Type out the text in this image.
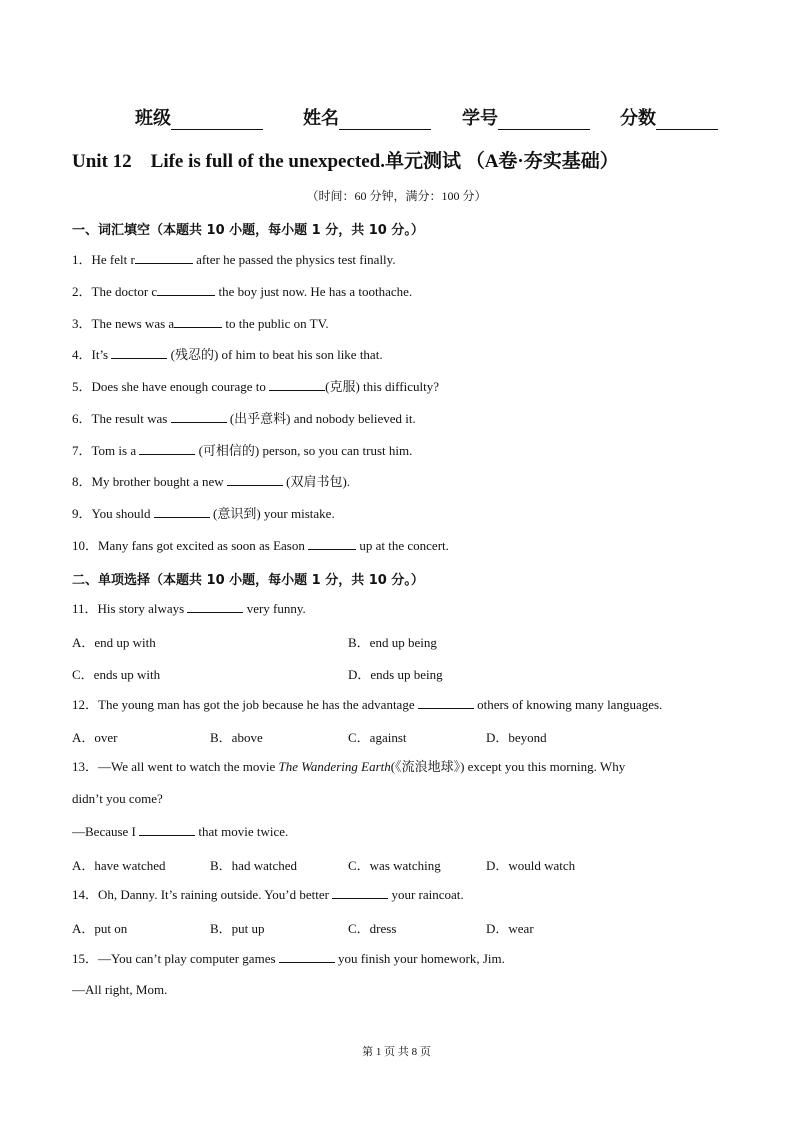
班级	姓名	学号	分数
Unit 12　Life is full of the unexpected.单元测试 （A卷·夯实基础）
（时间：60 分钟，满分：100 分）
一、词汇填空（本题共 10 小题，每小题 1 分，共 10 分。）
1．He felt r	after he passed the physics test finally.
2．The doctor c	the boy just now. He has a toothache.
3．The news was a	to the public on TV.
4．It’s	(残忍的) of him to beat his son like that.
5．Does she have enough courage to	(克服) this difficulty?
6．The result was	(出乎意料) and nobody believed it.
7．Tom is a	(可相信的) person, so you can trust him.
8．My brother bought a new	(双肩书包).
9．You should	(意识到) your mistake.
10．Many fans got excited as soon as Eason	up at the concert.
二、单项选择（本题共 10 小题，每小题 1 分，共 10 分。）
11．His story always	very funny.
A．end up with	B．end up being
C．ends up with	D．ends up being
12．The young man has got the job because he has the advantage	others of knowing many languages.
A．over	B．above	C．against	D．beyond
13．—We all went to watch the movie The Wandering Earth(《流浪地球》) except you this morning. Why
didn’t you come?
—Because I	that movie twice.
A．have watched	B．had watched	C．was watching	D．would watch
14．Oh, Danny. It’s raining outside. You’d better	your raincoat.
A．put on	B．put up	C．dress	D．wear
15．—You can’t play computer games	you finish your homework, Jim.
—All right, Mom.
第 1 页 共 8 页
